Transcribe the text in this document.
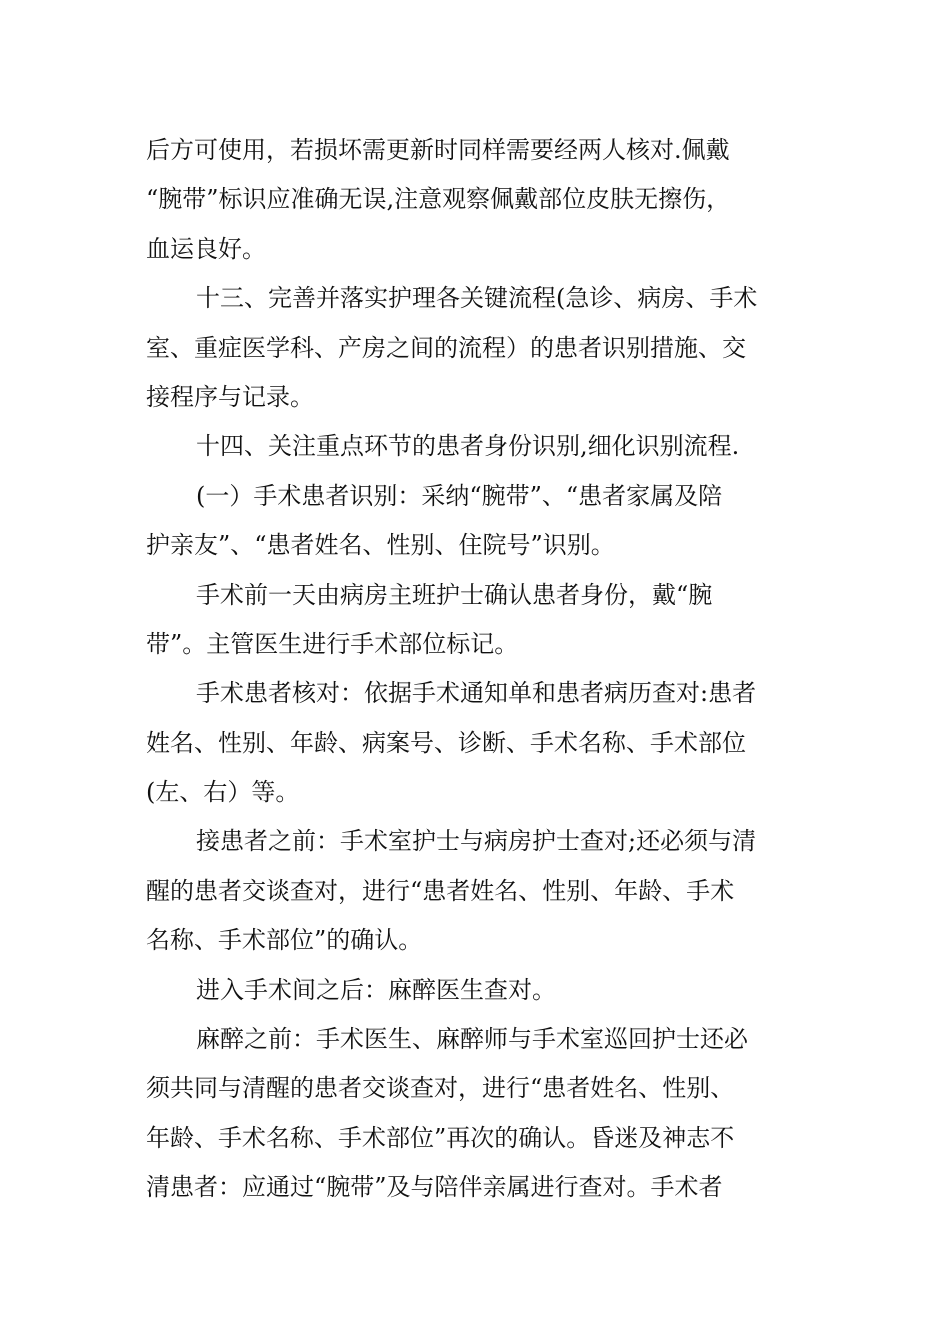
后方可使用，若损坏需更新时同样需要经两人核对.佩戴
“腕带”标识应准确无误,注意观察佩戴部位皮肤无擦伤，
血运良好。
十三、完善并落实护理各关键流程(急诊、病房、手术
室、重症医学科、产房之间的流程）的患者识别措施、交
接程序与记录。
十四、关注重点环节的患者身份识别,细化识别流程.
(一）手术患者识别：采纳“腕带”、“患者家属及陪
护亲友”、“患者姓名、性别、住院号”识别。
手术前一天由病房主班护士确认患者身份，戴“腕
带”。主管医生进行手术部位标记。
手术患者核对：依据手术通知单和患者病历查对:患者
姓名、性别、年龄、病案号、诊断、手术名称、手术部位
(左、右）等。
接患者之前：手术室护士与病房护士查对;还必须与清
醒的患者交谈查对，进行“患者姓名、性别、年龄、手术
名称、手术部位”的确认。
进入手术间之后：麻醉医生查对。
麻醉之前：手术医生、麻醉师与手术室巡回护士还必
须共同与清醒的患者交谈查对，进行“患者姓名、性别、
年龄、手术名称、手术部位”再次的确认。昏迷及神志不
清患者：应通过“腕带”及与陪伴亲属进行查对。手术者
